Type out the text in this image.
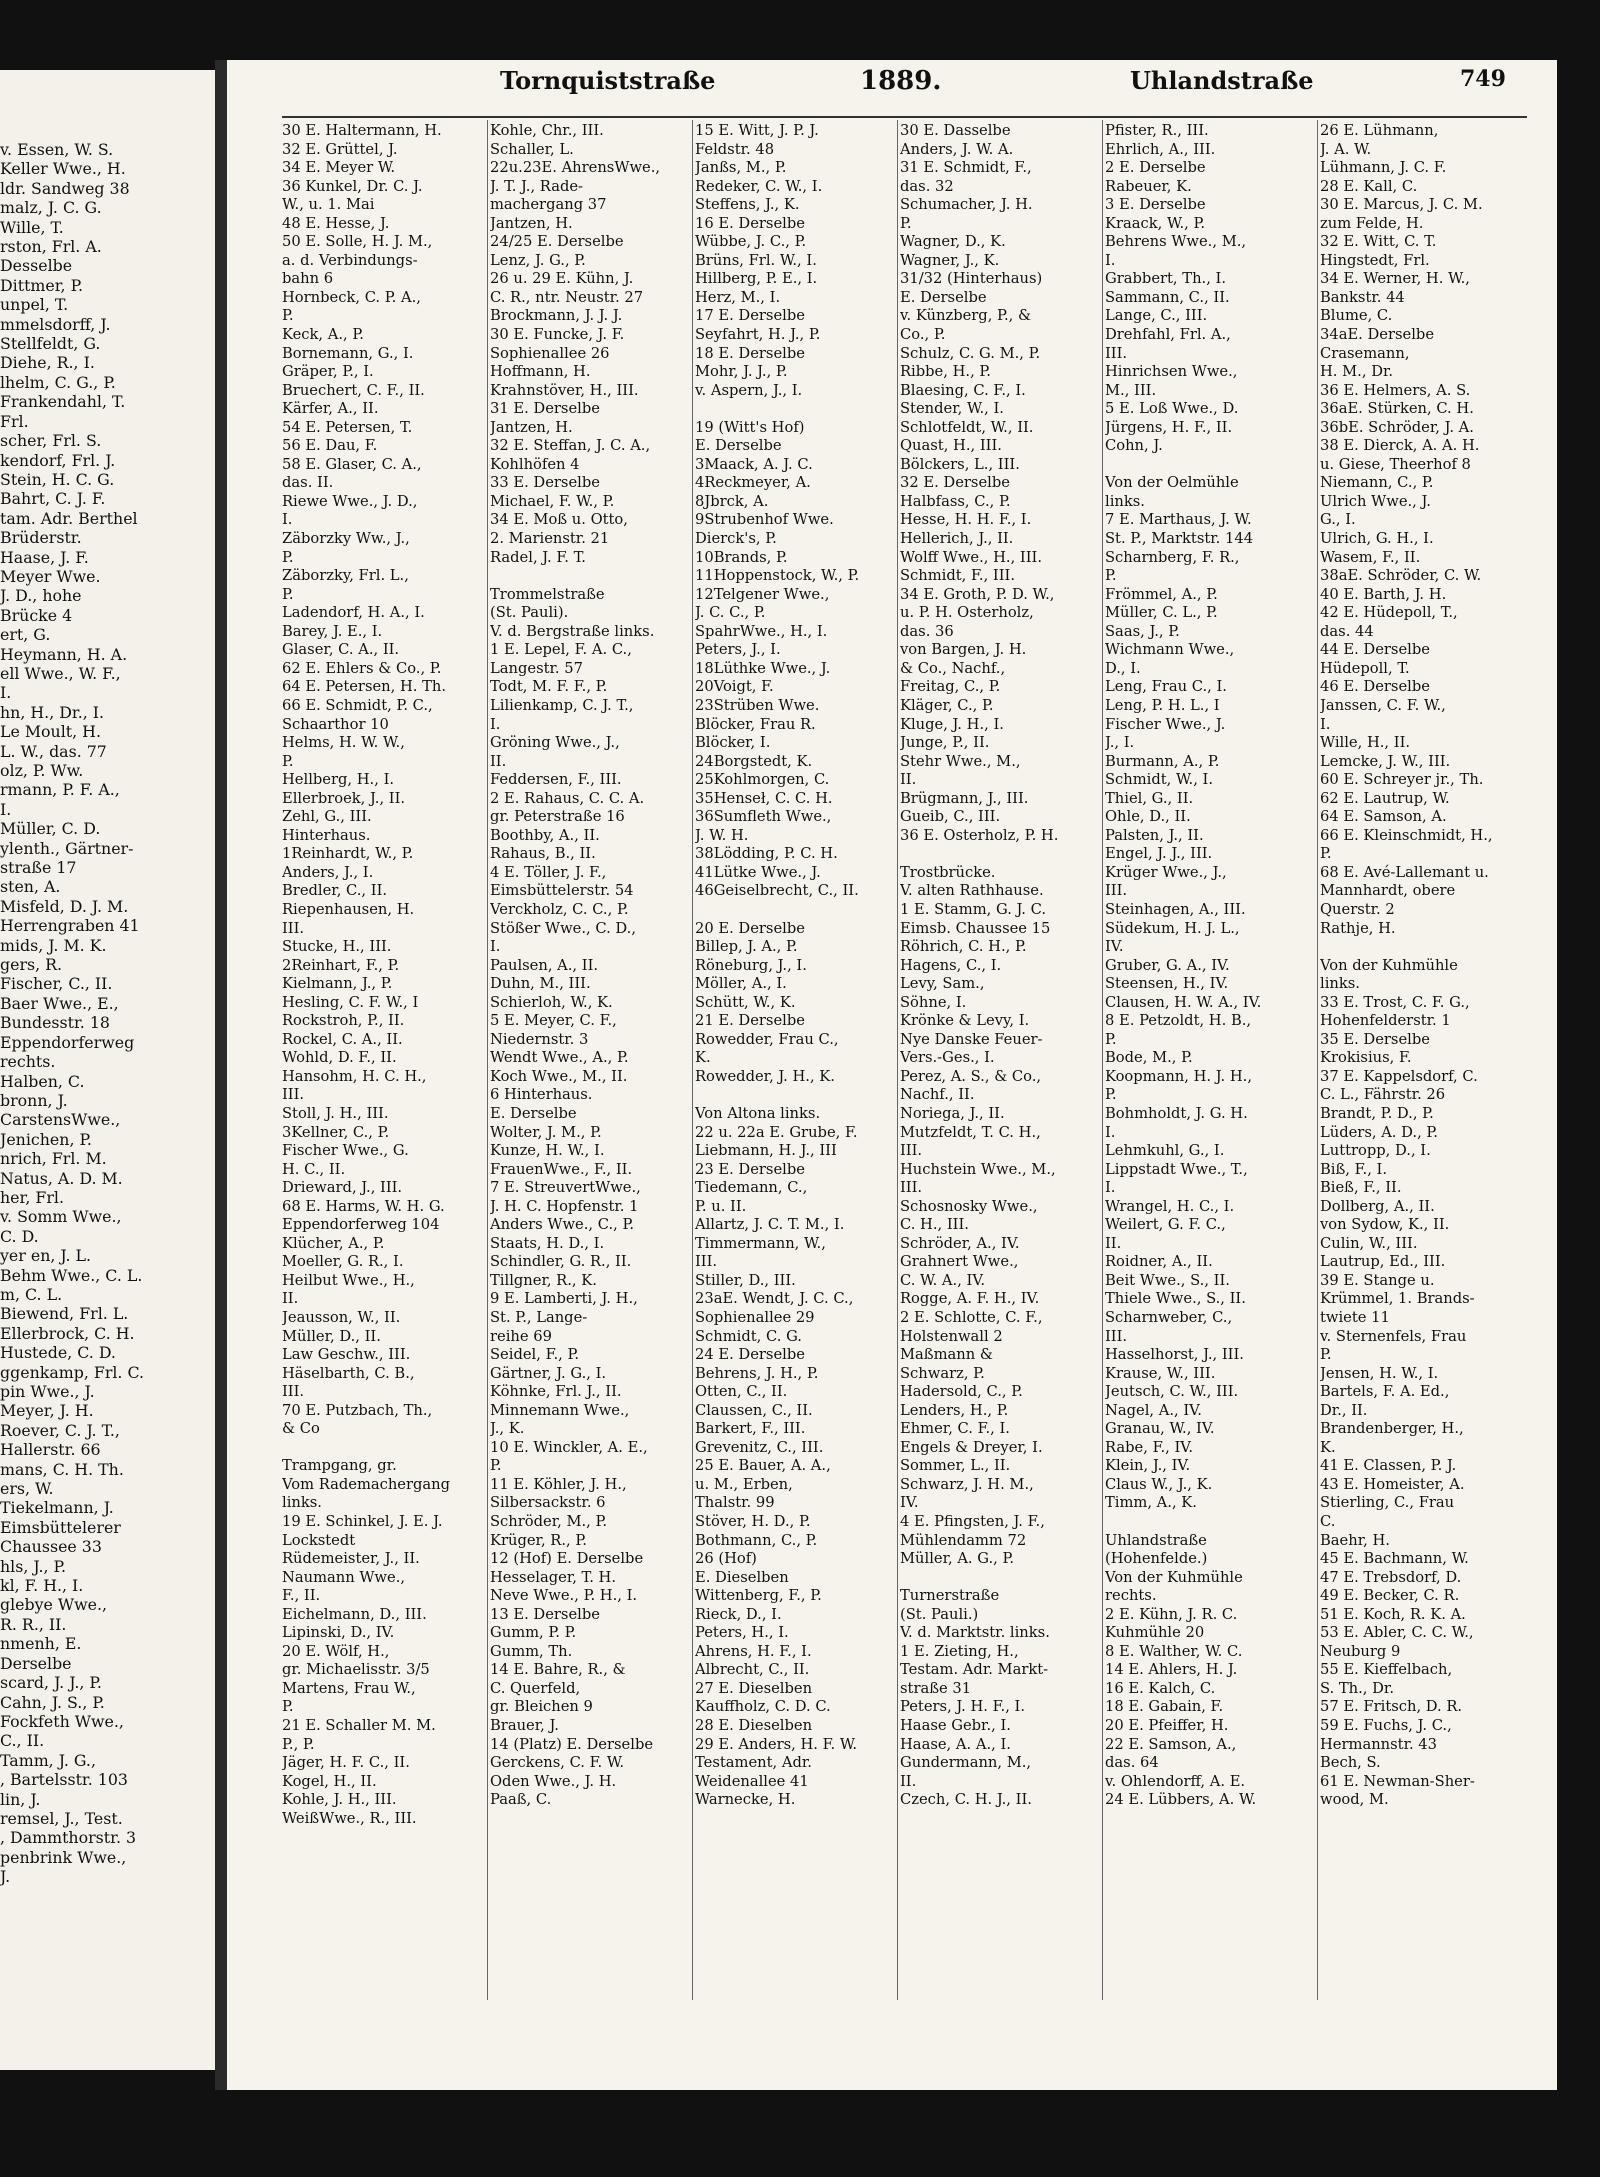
v. Essen, W. S.
Keller Wwe., H.
ldr. Sandweg 38
malz, J. C. G.
Wille, T.
rston, Frl. A.
Desselbe
Dittmer, P.
unpel, T.
mmelsdorff, J.
Stellfeldt, G.
Diehe, R., I.
lhelm, C. G., P.
Frankendahl, T.
Frl.
scher, Frl. S.
kendorf, Frl. J.
Stein, H. C. G.
Bahrt, C. J. F.
tam. Adr. Berthel
Brüderstr.
Haase, J. F.
Meyer Wwe.
J. D., hohe
Brücke 4
ert, G.
Heymann, H. A.
ell Wwe., W. F.,
I.
hn, H., Dr., I.
Le Moult, H.
L. W., das. 77
olz, P. Ww.
rmann, P. F. A.,
I.
Müller, C. D.
ylenth., Gärtner-
straße 17
sten, A.
Misfeld, D. J. M.
Herrengraben 41
mids, J. M. K.
gers, R.
Fischer, C., II.
Baer Wwe., E.,
Bundesstr. 18
Eppendorferweg
rechts.
Halben, C.
bronn, J.
CarstensWwe.,
Jenichen, P.
nrich, Frl. M.
Natus, A. D. M.
her, Frl.
v. Somm Wwe.,
C. D.
yer en, J. L.
Behm Wwe., C. L.
m, C. L.
Biewend, Frl. L.
Ellerbrock, C. H.
Hustede, C. D.
ggenkamp, Frl. C.
pin Wwe., J.
Meyer, J. H.
Roever, C. J. T.,
Hallerstr. 66
mans, C. H. Th.
ers, W.
Tiekelmann, J.
Eimsbüttelerer
Chaussee 33
hls, J., P.
kl, F. H., I.
glebye Wwe.,
R. R., II.
nmenh, E.
Derselbe
scard, J. J., P.
Cahn, J. S., P.
Fockfeth Wwe.,
C., II.
Tamm, J. G.,
, Bartelsstr. 103
lin, J.
remsel, J., Test.
, Dammthorstr. 3
penbrink Wwe.,
J.
Tornquiststraße	1889.	Uhlandstraße	749
30 E. Haltermann, H.
32 E. Grüttel, J.
34 E. Meyer W.
36 Kunkel, Dr. C. J.
W., u. 1. Mai
48 E. Hesse, J.
50 E. Solle, H. J. M.,
a. d. Verbindungs-
bahn 6
Hornbeck, C. P. A.,
P.
Keck, A., P.
Bornemann, G., I.
Gräper, P., I.
Bruechert, C. F., II.
Kärfer, A., II.
54 E. Petersen, T.
56 E. Dau, F.
58 E. Glaser, C. A.,
das. II.
Riewe Wwe., J. D.,
I.
Zäborzky Ww., J.,
P.
Zäborzky, Frl. L.,
P.
Ladendorf, H. A., I.
Barey, J. E., I.
Glaser, C. A., II.
62 E. Ehlers & Co., P.
64 E. Petersen, H. Th.
66 E. Schmidt, P. C.,
Schaarthor 10
Helms, H. W. W.,
P.
Hellberg, H., I.
Ellerbroek, J., II.
Zehl, G., III.
Hinterhaus.
1Reinhardt, W., P.
Anders, J., I.
Bredler, C., II.
Riepenhausen, H.
III.
Stucke, H., III.
2Reinhart, F., P.
Kielmann, J., P.
Hesling, C. F. W., I
Rockstroh, P., II.
Rockel, C. A., II.
Wohld, D. F., II.
Hansohm, H. C. H.,
III.
Stoll, J. H., III.
3Kellner, C., P.
Fischer Wwe., G.
H. C., II.
Drieward, J., III.
68 E. Harms, W. H. G.
Eppendorferweg 104
Klücher, A., P.
Moeller, G. R., I.
Heilbut Wwe., H.,
II.
Jeausson, W., II.
Müller, D., II.
Law Geschw., III.
Häselbarth, C. B.,
III.
70 E. Putzbach, Th.,
& Co

Trampgang, gr.
Vom Rademachergang
links.
19 E. Schinkel, J. E. J.
Lockstedt
Rüdemeister, J., II.
Naumann Wwe.,
F., II.
Eichelmann, D., III.
Lipinski, D., IV.
20 E. Wölf, H.,
gr. Michaelisstr. 3/5
Martens, Frau W.,
P.
21 E. Schaller M. M.
P., P.
Jäger, H. F. C., II.
Kogel, H., II.
Kohle, J. H., III.
WeißWwe., R., III.
Kohle, Chr., III.
Schaller, L.
22u.23E. AhrensWwe.,
J. T. J., Rade-
machergang 37
Jantzen, H.
24/25 E. Derselbe
Lenz, J. G., P.
26 u. 29 E. Kühn, J.
C. R., ntr. Neustr. 27
Brockmann, J. J. J.
30 E. Funcke, J. F.
Sophienallee 26
Hoffmann, H.
Krahnstöver, H., III.
31 E. Derselbe
Jantzen, H.
32 E. Steffan, J. C. A.,
Kohlhöfen 4
33 E. Derselbe
Michael, F. W., P.
34 E. Moß u. Otto,
2. Marienstr. 21
Radel, J. F. T.

Trommelstraße
(St. Pauli).
V. d. Bergstraße links.
1 E. Lepel, F. A. C.,
Langestr. 57
Todt, M. F. F., P.
Lilienkamp, C. J. T.,
I.
Gröning Wwe., J.,
II.
Feddersen, F., III.
2 E. Rahaus, C. C. A.
gr. Peterstraße 16
Boothby, A., II.
Rahaus, B., II.
4 E. Töller, J. F.,
Eimsbüttelerstr. 54
Verckholz, C. C., P.
Stößer Wwe., C. D.,
I.
Paulsen, A., II.
Duhn, M., III.
Schierloh, W., K.
5 E. Meyer, C. F.,
Niedernstr. 3
Wendt Wwe., A., P.
Koch Wwe., M., II.
6 Hinterhaus.
E. Derselbe
Wolter, J. M., P.
Kunze, H. W., I.
FrauenWwe., F., II.
7 E. StreuvertWwe.,
J. H. C. Hopfenstr. 1
Anders Wwe., C., P.
Staats, H. D., I.
Schindler, G. R., II.
Tillgner, R., K.
9 E. Lamberti, J. H.,
St. P., Lange-
reihe 69
Seidel, F., P.
Gärtner, J. G., I.
Köhnke, Frl. J., II.
Minnemann Wwe.,
J., K.
10 E. Winckler, A. E.,
P.
11 E. Köhler, J. H.,
Silbersackstr. 6
Schröder, M., P.
Krüger, R., P.
12 (Hof) E. Derselbe
Hesselager, T. H.
Neve Wwe., P. H., I.
13 E. Derselbe
Gumm, P. P.
Gumm, Th.
14 E. Bahre, R., &
C. Querfeld,
gr. Bleichen 9
Brauer, J.
14 (Platz) E. Derselbe
Gerckens, C. F. W.
Oden Wwe., J. H.
Paaß, C.
15 E. Witt, J. P. J.
Feldstr. 48
Janßs, M., P.
Redeker, C. W., I.
Steffens, J., K.
16 E. Derselbe
Wübbe, J. C., P.
Brüns, Frl. W., I.
Hillberg, P. E., I.
Herz, M., I.
17 E. Derselbe
Seyfahrt, H. J., P.
18 E. Derselbe
Mohr, J. J., P.
v. Aspern, J., I.

19 (Witt's Hof)
E. Derselbe
3Maack, A. J. C.
4Reckmeyer, A.
8Jbrck, A.
9Strubenhof Wwe.
Dierck's, P.
10Brands, P.
11Hoppenstock, W., P.
12Telgener Wwe.,
J. C. C., P.
SpahrWwe., H., I.
Peters, J., I.
18Lüthke Wwe., J.
20Voigt, F.
23Strüben Wwe.
Blöcker, Frau R.
Blöcker, I.
24Borgstedt, K.
25Kohlmorgen, C.
35Henseł, C. C. H.
36Sumfleth Wwe.,
J. W. H.
38Lödding, P. C. H.
41Lütke Wwe., J.
46Geiselbrecht, C., II.

20 E. Derselbe
Billep, J. A., P.
Röneburg, J., I.
Möller, A., I.
Schütt, W., K.
21 E. Derselbe
Rowedder, Frau C.,
K.
Rowedder, J. H., K.

Von Altona links.
22 u. 22a E. Grube, F.
Liebmann, H. J., III
23 E. Derselbe
Tiedemann, C.,
P. u. II.
Allartz, J. C. T. M., I.
Timmermann, W.,
III.
Stiller, D., III.
23aE. Wendt, J. C. C.,
Sophienallee 29
Schmidt, C. G.
24 E. Derselbe
Behrens, J. H., P.
Otten, C., II.
Claussen, C., II.
Barkert, F., III.
Grevenitz, C., III.
25 E. Bauer, A. A.,
u. M., Erben,
Thalstr. 99
Stöver, H. D., P.
Bothmann, C., P.
26 (Hof)
E. Dieselben
Wittenberg, F., P.
Rieck, D., I.
Peters, H., I.
Ahrens, H. F., I.
Albrecht, C., II.
27 E. Dieselben
Kauffholz, C. D. C.
28 E. Dieselben
29 E. Anders, H. F. W.
Testament, Adr.
Weidenallee 41
Warnecke, H.
30 E. Dasselbe
Anders, J. W. A.
31 E. Schmidt, F.,
das. 32
Schumacher, J. H.
P.
Wagner, D., K.
Wagner, J., K.
31/32 (Hinterhaus)
E. Derselbe
v. Künzberg, P., &
Co., P.
Schulz, C. G. M., P.
Ribbe, H., P.
Blaesing, C. F., I.
Stender, W., I.
Schlotfeldt, W., II.
Quast, H., III.
Bölckers, L., III.
32 E. Derselbe
Halbfass, C., P.
Hesse, H. H. F., I.
Hellerich, J., II.
Wolff Wwe., H., III.
Schmidt, F., III.
34 E. Groth, P. D. W.,
u. P. H. Osterholz,
das. 36
von Bargen, J. H.
& Co., Nachf.,
Freitag, C., P.
Kläger, C., P.
Kluge, J. H., I.
Junge, P., II.
Stehr Wwe., M.,
II.
Brügmann, J., III.
Gueib, C., III.
36 E. Osterholz, P. H.

Trostbrücke.
V. alten Rathhause.
1 E. Stamm, G. J. C.
Eimsb. Chaussee 15
Röhrich, C. H., P.
Hagens, C., I.
Levy, Sam.,
Söhne, I.
Krönke & Levy, I.
Nye Danske Feuer-
Vers.-Ges., I.
Perez, A. S., & Co.,
Nachf., II.
Noriega, J., II.
Mutzfeldt, T. C. H.,
III.
Huchstein Wwe., M.,
III.
Schosnosky Wwe.,
C. H., III.
Schröder, A., IV.
Grahnert Wwe.,
C. W. A., IV.
Rogge, A. F. H., IV.
2 E. Schlotte, C. F.,
Holstenwall 2
Maßmann &
Schwarz, P.
Hadersold, C., P.
Lenders, H., P.
Ehmer, C. F., I.
Engels & Dreyer, I.
Sommer, L., II.
Schwarz, J. H. M.,
IV.
4 E. Pfingsten, J. F.,
Mühlendamm 72
Müller, A. G., P.

Turnerstraße
(St. Pauli.)
V. d. Marktstr. links.
1 E. Zieting, H.,
Testam. Adr. Markt-
straße 31
Peters, J. H. F., I.
Haase Gebr., I.
Haase, A. A., I.
Gundermann, M.,
II.
Czech, C. H. J., II.
Pfister, R., III.
Ehrlich, A., III.
2 E. Derselbe
Rabeuer, K.
3 E. Derselbe
Kraack, W., P.
Behrens Wwe., M.,
I.
Grabbert, Th., I.
Sammann, C., II.
Lange, C., III.
Drehfahl, Frl. A.,
III.
Hinrichsen Wwe.,
M., III.
5 E. Loß Wwe., D.
Jürgens, H. F., II.
Cohn, J.

Von der Oelmühle
links.
7 E. Marthaus, J. W.
St. P., Marktstr. 144
Scharnberg, F. R.,
P.
Frömmel, A., P.
Müller, C. L., P.
Saas, J., P.
Wichmann Wwe.,
D., I.
Leng, Frau C., I.
Leng, P. H. L., I
Fischer Wwe., J.
J., I.
Burmann, A., P.
Schmidt, W., I.
Thiel, G., II.
Ohle, D., II.
Palsten, J., II.
Engel, J. J., III.
Krüger Wwe., J.,
III.
Steinhagen, A., III.
Südekum, H. J. L.,
IV.
Gruber, G. A., IV.
Steensen, H., IV.
Clausen, H. W. A., IV.
8 E. Petzoldt, H. B.,
P.
Bode, M., P.
Koopmann, H. J. H.,
P.
Bohmholdt, J. G. H.
I.
Lehmkuhl, G., I.
Lippstadt Wwe., T.,
I.
Wrangel, H. C., I.
Weilert, G. F. C.,
II.
Roidner, A., II.
Beit Wwe., S., II.
Thiele Wwe., S., II.
Scharnweber, C.,
III.
Hasselhorst, J., III.
Krause, W., III.
Jeutsch, C. W., III.
Nagel, A., IV.
Granau, W., IV.
Rabe, F., IV.
Klein, J., IV.
Claus W., J., K.
Timm, A., K.

Uhlandstraße
(Hohenfelde.)
Von der Kuhmühle
rechts.
2 E. Kühn, J. R. C.
Kuhmühle 20
8 E. Walther, W. C.
14 E. Ahlers, H. J.
16 E. Kalch, C.
18 E. Gabain, F.
20 E. Pfeiffer, H.
22 E. Samson, A.,
das. 64
v. Ohlendorff, A. E.
24 E. Lübbers, A. W.
26 E. Lühmann,
J. A. W.
Lühmann, J. C. F.
28 E. Kall, C.
30 E. Marcus, J. C. M.
zum Felde, H.
32 E. Witt, C. T.
Hingstedt, Frl.
34 E. Werner, H. W.,
Bankstr. 44
Blume, C.
34aE. Derselbe
Crasemann,
H. M., Dr.
36 E. Helmers, A. S.
36aE. Stürken, C. H.
36bE. Schröder, J. A.
38 E. Dierck, A. A. H.
u. Giese, Theerhof 8
Niemann, C., P.
Ulrich Wwe., J.
G., I.
Ulrich, G. H., I.
Wasem, F., II.
38aE. Schröder, C. W.
40 E. Barth, J. H.
42 E. Hüdepoll, T.,
das. 44
44 E. Derselbe
Hüdepoll, T.
46 E. Derselbe
Janssen, C. F. W.,
I.
Wille, H., II.
Lemcke, J. W., III.
60 E. Schreyer jr., Th.
62 E. Lautrup, W.
64 E. Samson, A.
66 E. Kleinschmidt, H.,
P.
68 E. Avé-Lallemant u.
Mannhardt, obere
Querstr. 2
Rathje, H.

Von der Kuhmühle
links.
33 E. Trost, C. F. G.,
Hohenfelderstr. 1
35 E. Derselbe
Krokisius, F.
37 E. Kappelsdorf, C.
C. L., Fährstr. 26
Brandt, P. D., P.
Lüders, A. D., P.
Luttropp, D., I.
Biß, F., I.
Bieß, F., II.
Dollberg, A., II.
von Sydow, K., II.
Culin, W., III.
Lautrup, Ed., III.
39 E. Stange u.
Krümmel, 1. Brands-
twiete 11
v. Sternenfels, Frau
P.
Jensen, H. W., I.
Bartels, F. A. Ed.,
Dr., II.
Brandenberger, H.,
K.
41 E. Classen, P. J.
43 E. Homeister, A.
Stierling, C., Frau
C.
Baehr, H.
45 E. Bachmann, W.
47 E. Trebsdorf, D.
49 E. Becker, C. R.
51 E. Koch, R. K. A.
53 E. Abler, C. C. W.,
Neuburg 9
55 E. Kieffelbach,
S. Th., Dr.
57 E. Fritsch, D. R.
59 E. Fuchs, J. C.,
Hermannstr. 43
Bech, S.
61 E. Newman-Sher-
wood, M.
